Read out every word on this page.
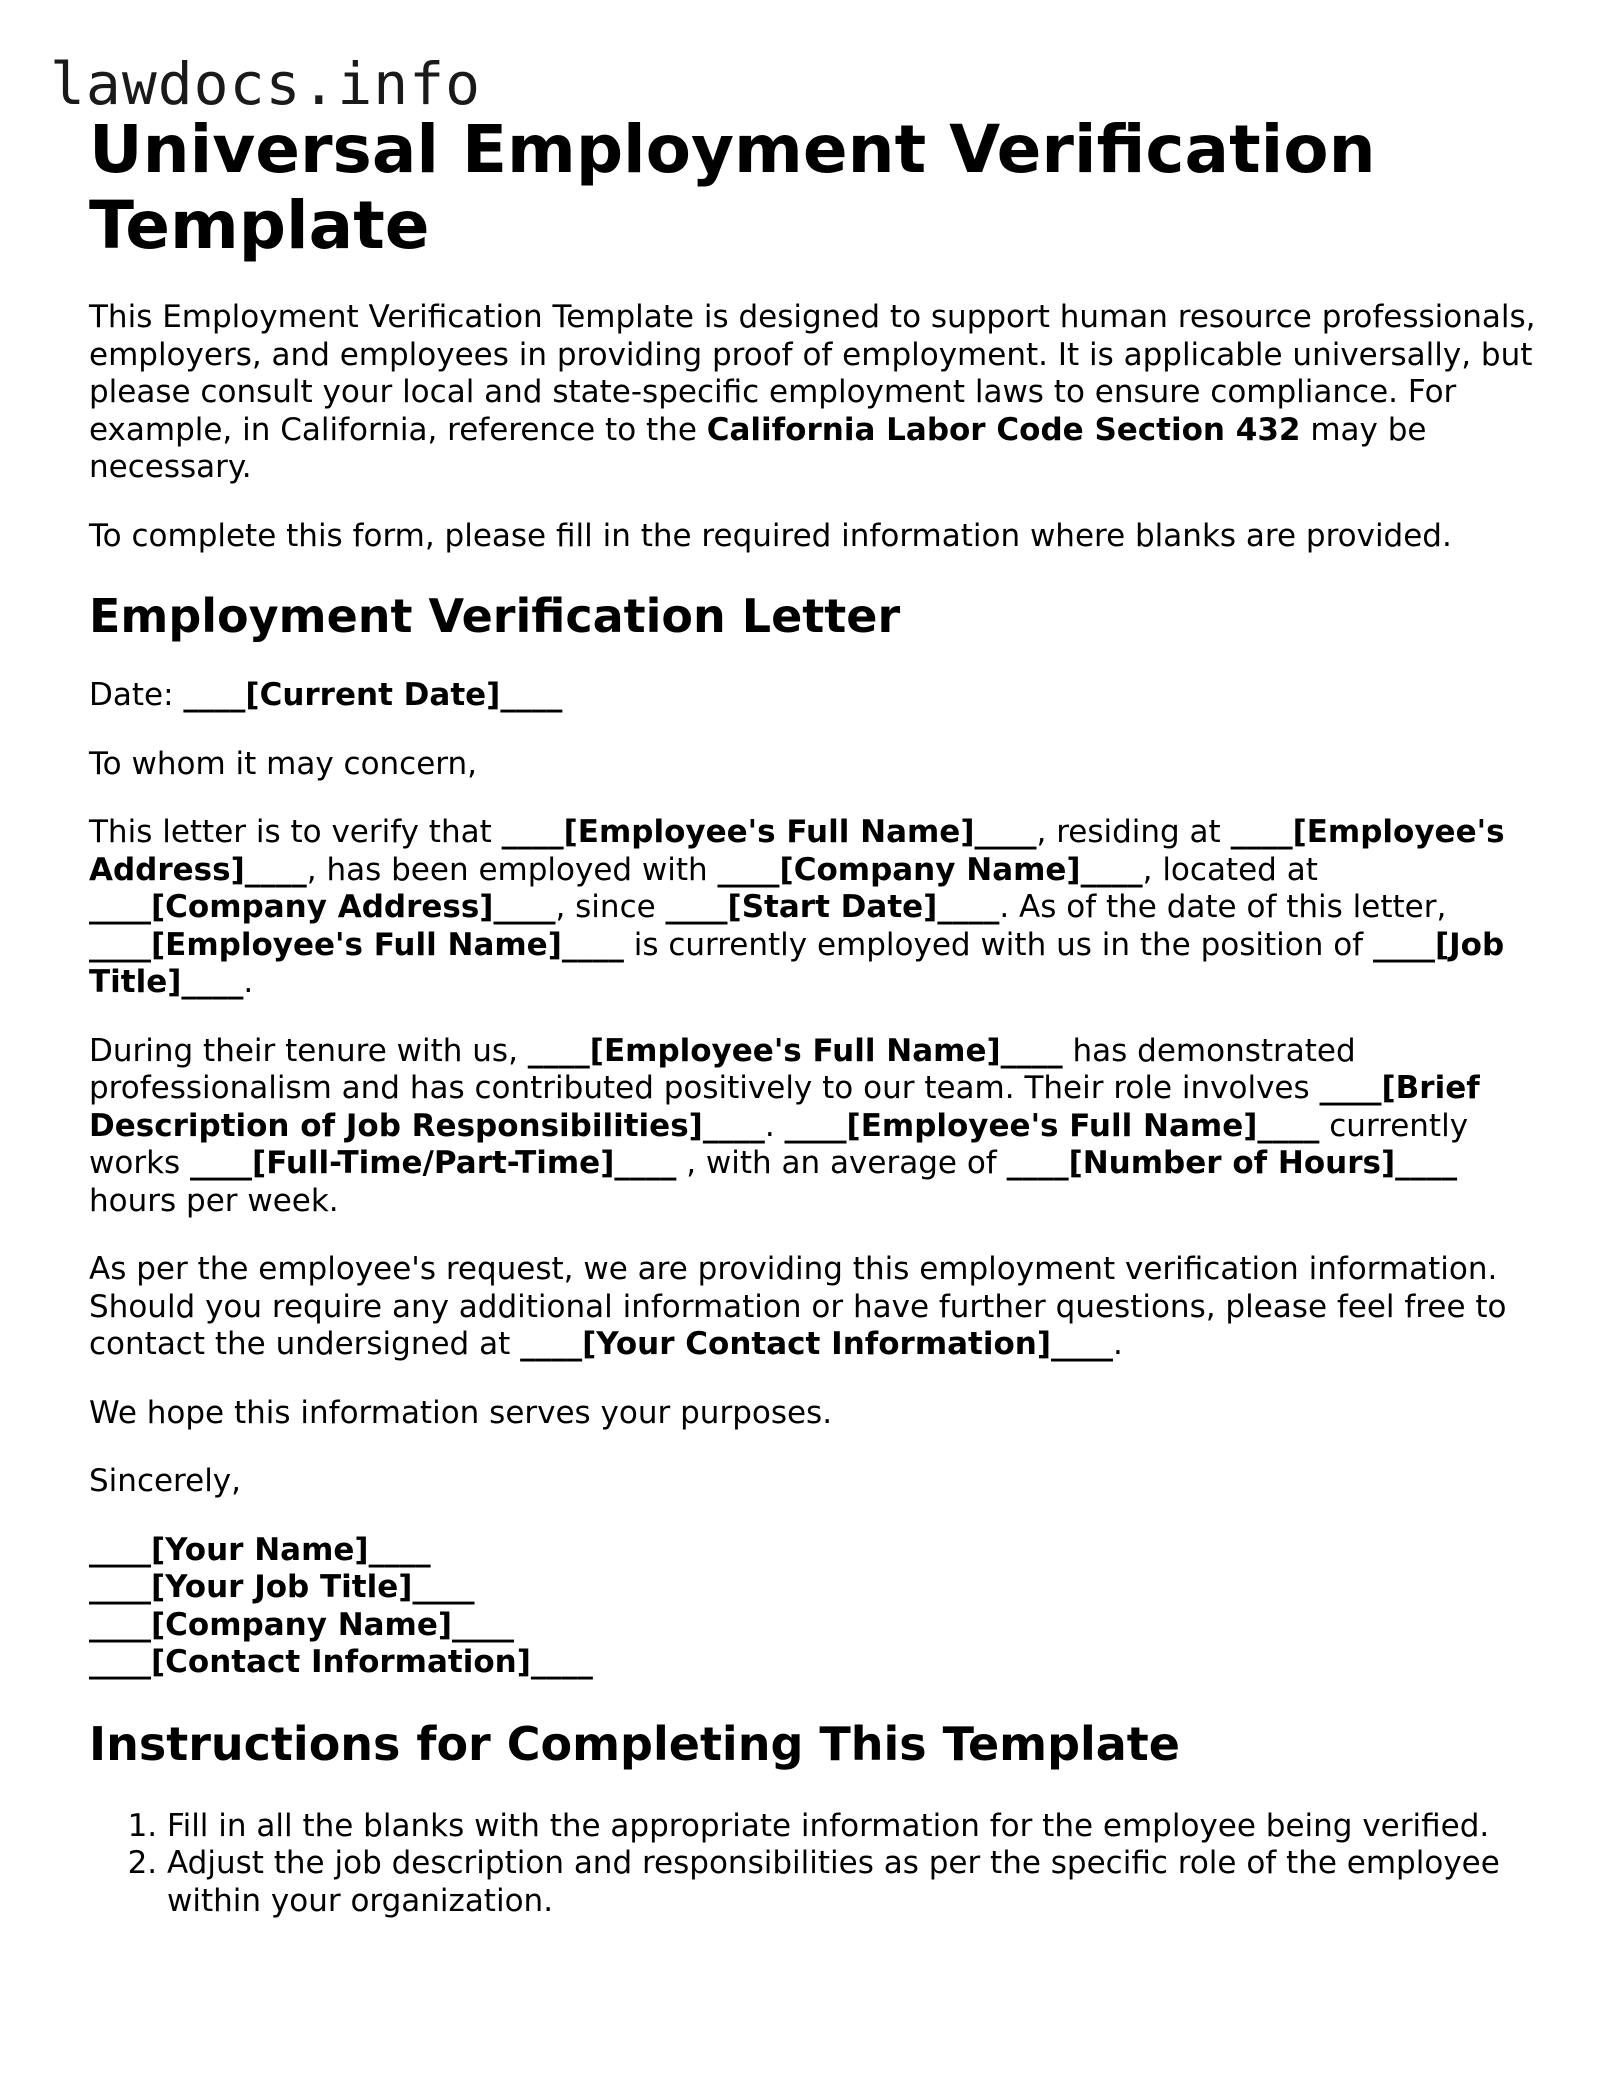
lawdocs.info
Universal Employment Verification Template

This Employment Verification Template is designed to support human resource professionals, employers, and employees in providing proof of employment. It is applicable universally, but please consult your local and state-specific employment laws to ensure compliance. For example, in California, reference to the California Labor Code Section 432 may be necessary.

To complete this form, please fill in the required information where blanks are provided.

Employment Verification Letter

Date: ____[Current Date]____

To whom it may concern,

This letter is to verify that ____[Employee's Full Name]____, residing at ____[Employee's Address]____, has been employed with ____[Company Name]____, located at ____[Company Address]____, since ____[Start Date]____. As of the date of this letter, ____[Employee's Full Name]____ is currently employed with us in the position of ____[Job Title]____.

During their tenure with us, ____[Employee's Full Name]____ has demonstrated professionalism and has contributed positively to our team. Their role involves ____[Brief Description of Job Responsibilities]____. ____[Employee's Full Name]____ currently works ____[Full-Time/Part-Time]____ , with an average of ____[Number of Hours]____ hours per week.

As per the employee's request, we are providing this employment verification information. Should you require any additional information or have further questions, please feel free to contact the undersigned at ____[Your Contact Information]____.

We hope this information serves your purposes.

Sincerely,

____[Your Name]____
____[Your Job Title]____
____[Company Name]____
____[Contact Information]____

Instructions for Completing This Template
1. Fill in all the blanks with the appropriate information for the employee being verified.
2. Adjust the job description and responsibilities as per the specific role of the employee within your organization.
